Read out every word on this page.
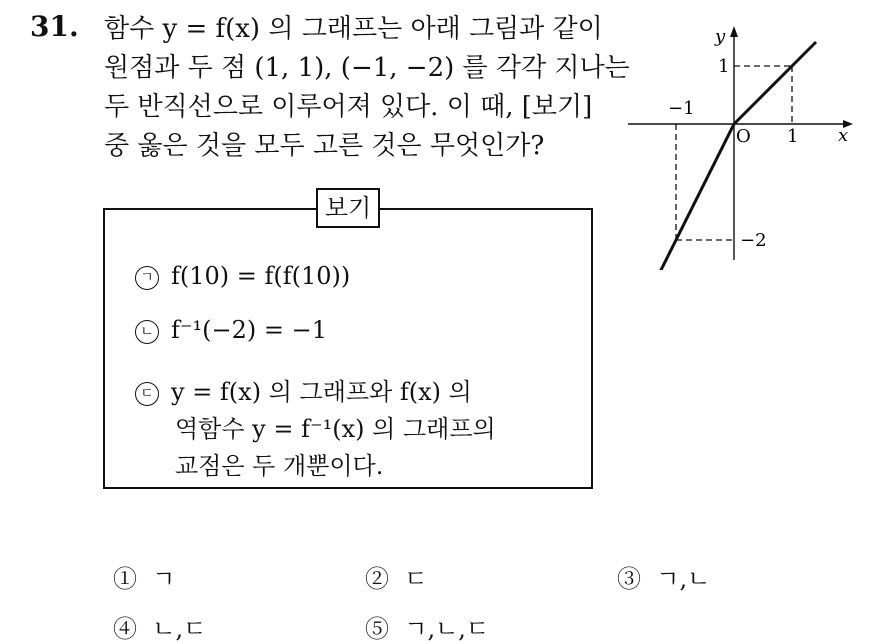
31. 함수 y = f(x) 의 그래프는 아래 그림과 같이
원점과 두 점 (1, 1), (−1, −2) 를 각각 지나는
두 반직선으로 이루어져 있다. 이 때, [보기]
중 옳은 것을 모두 고른 것은 무엇인가?
y
x
O 1
−1
1
−2
보기
ㄱ f(10) = f(f(10))
ㄴ f⁻¹(−2) = −1
ㄷ y = f(x) 의 그래프와 f(x) 의
역함수 y = f⁻¹(x) 의 그래프의
교점은 두 개뿐이다.
① ㄱ	② ㄷ	③ ㄱ,ㄴ
④ ㄴ,ㄷ	⑤ ㄱ,ㄴ,ㄷ
